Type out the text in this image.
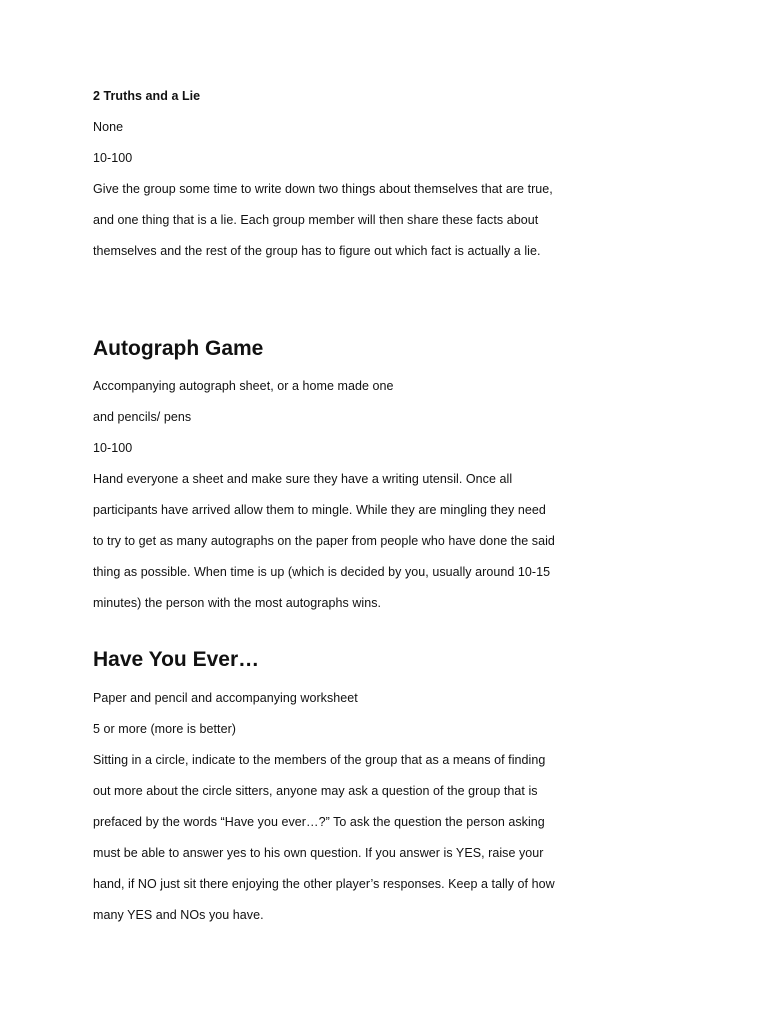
2 Truths and a Lie
None
10-100
Give the group some time to write down two things about themselves that are true,
and one thing that is a lie. Each group member will then share these facts about
themselves and the rest of the group has to figure out which fact is actually a lie.
Autograph Game
Accompanying autograph sheet, or a home made one
and pencils/ pens
10-100
Hand everyone a sheet and make sure they have a writing utensil. Once all
participants have arrived allow them to mingle. While they are mingling they need
to try to get as many autographs on the paper from people who have done the said
thing as possible. When time is up (which is decided by you, usually around 10-15
minutes) the person with the most autographs wins.
Have You Ever…
Paper and pencil and accompanying worksheet
5 or more (more is better)
Sitting in a circle, indicate to the members of the group that as a means of finding
out more about the circle sitters, anyone may ask a question of the group that is
prefaced by the words “Have you ever…?” To ask the question the person asking
must be able to answer yes to his own question. If you answer is YES, raise your
hand, if NO just sit there enjoying the other player’s responses. Keep a tally of how
many YES and NOs you have.
